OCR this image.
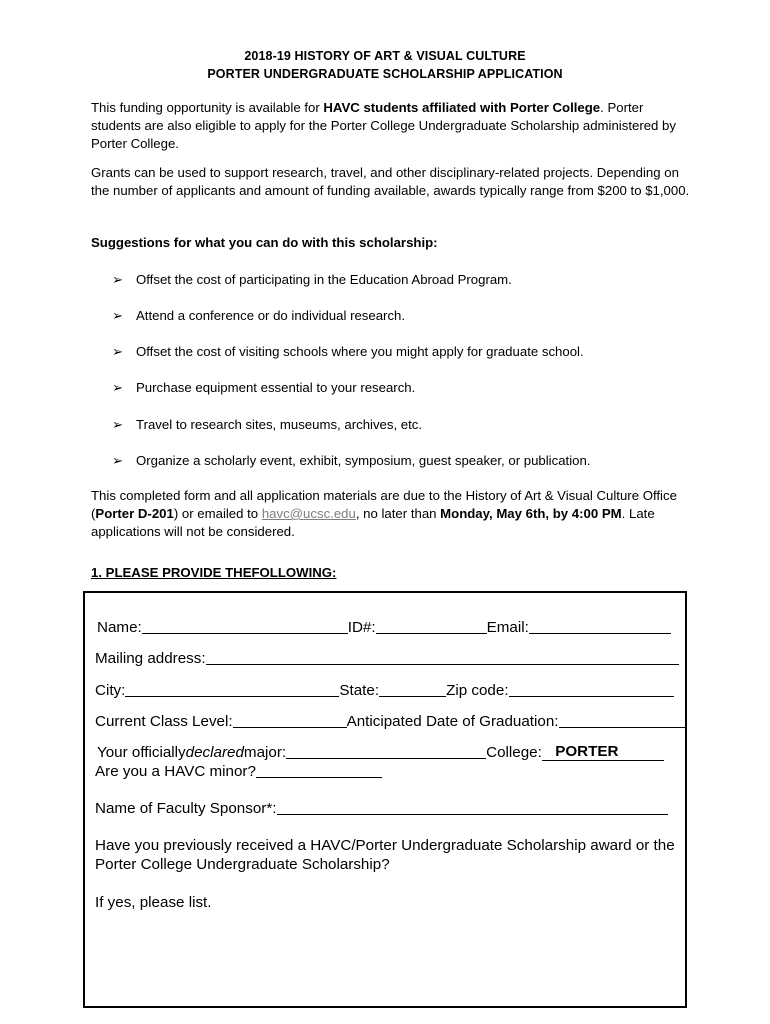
2018-19 HISTORY OF ART & VISUAL CULTURE
PORTER UNDERGRADUATE SCHOLARSHIP APPLICATION
This funding opportunity is available for HAVC students affiliated with Porter College. Porter students are also eligible to apply for the Porter College Undergraduate Scholarship administered by Porter College.
Grants can be used to support research, travel, and other disciplinary-related projects. Depending on the number of applicants and amount of funding available, awards typically range from $200 to $1,000.
Suggestions for what you can do with this scholarship:
➢ Offset the cost of participating in the Education Abroad Program.
➢ Attend a conference or do individual research.
➢ Offset the cost of visiting schools where you might apply for graduate school.
➢ Purchase equipment essential to your research.
➢ Travel to research sites, museums, archives, etc.
➢ Organize a scholarly event, exhibit, symposium, guest speaker, or publication.
This completed form and all application materials are due to the History of Art & Visual Culture Office (Porter D-201) or emailed to havc@ucsc.edu, no later than Monday, May 6th, by 4:00 PM. Late applications will not be considered.
1. PLEASE PROVIDE THEFOLLOWING:
Name:	ID#:	Email:
Mailing address:
City:	State:	Zip code:
Current Class Level:	Anticipated Date of Graduation:
Your officially declared major:	College: PORTER
Are you a HAVC minor?
Name of Faculty Sponsor*:
Have you previously received a HAVC/Porter Undergraduate Scholarship award or the Porter College Undergraduate Scholarship?
If yes, please list.
